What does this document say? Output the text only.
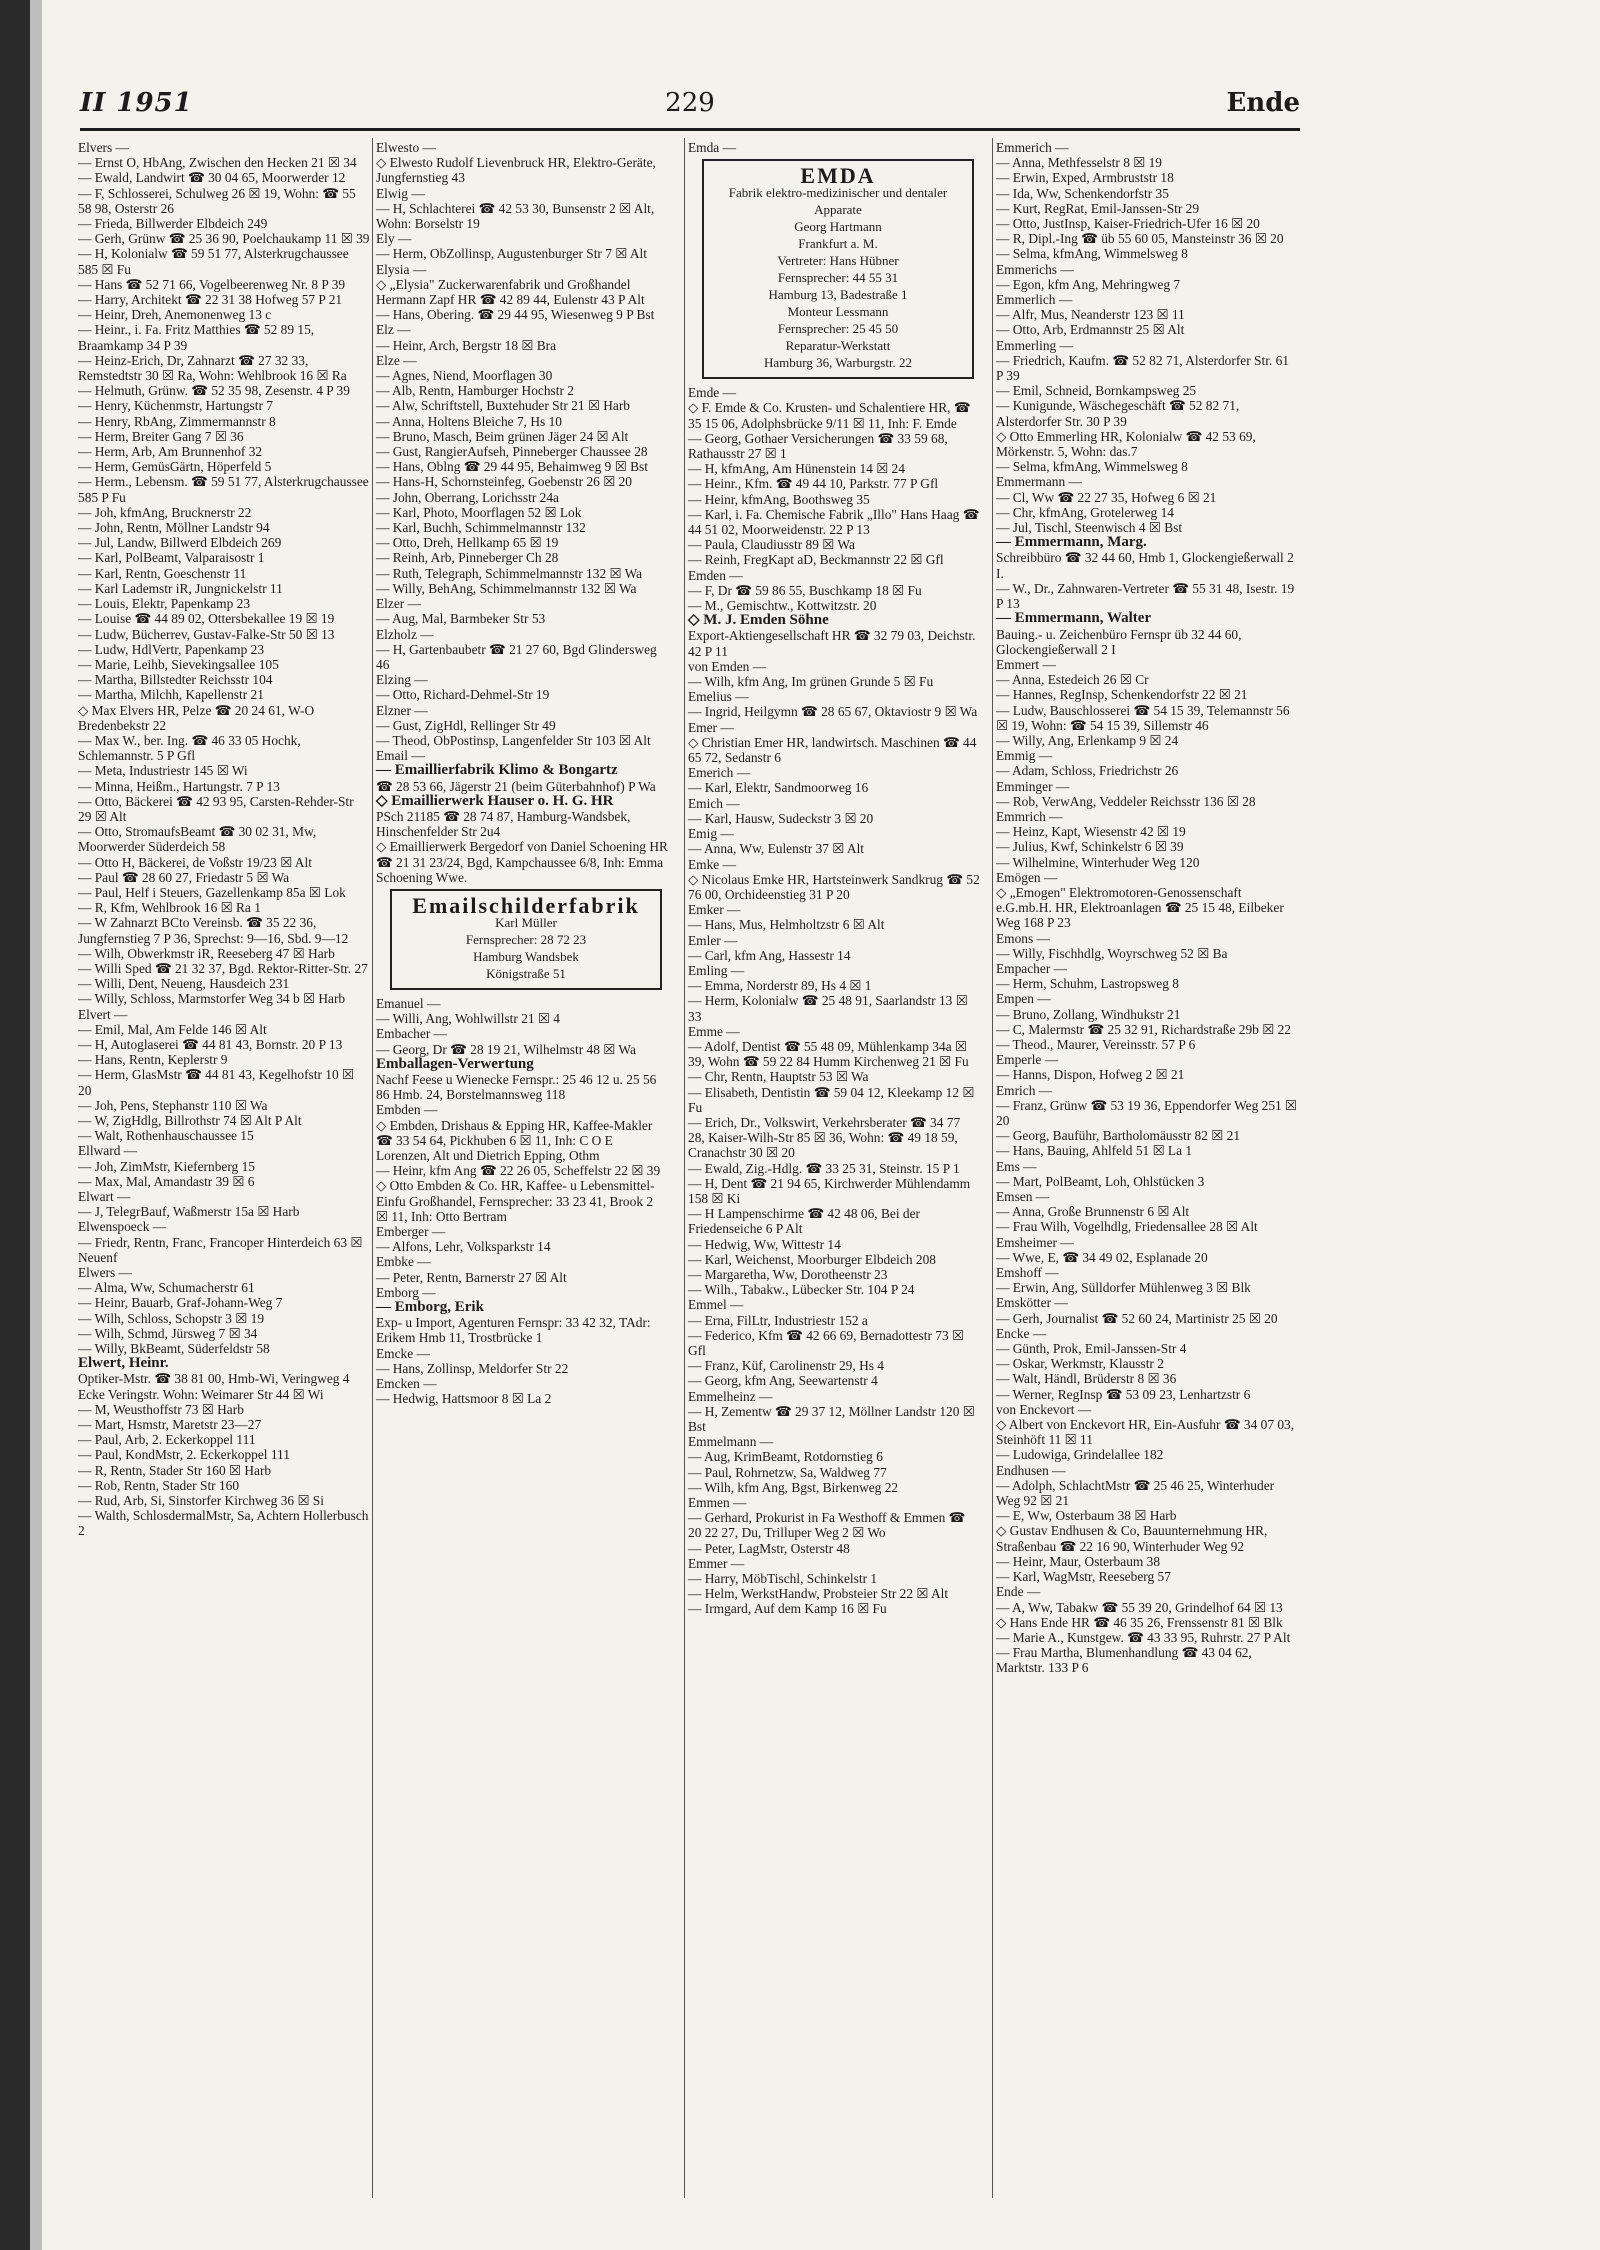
II 1951	229	Ende

Elvers —

— Ernst O, HbAng, Zwischen den Hecken 21 ☒ 34

— Ewald, Landwirt ☎ 30 04 65, Moorwerder 12

— F, Schlosserei, Schulweg 26 ☒ 19, Wohn: ☎ 55 58 98, Osterstr 26

— Frieda, Billwerder Elbdeich 249

— Gerh, Grünw ☎ 25 36 90, Poelchaukamp 11 ☒ 39

— H, Kolonialw ☎ 59 51 77, Alsterkrugchaussee 585 ☒ Fu

— Hans ☎ 52 71 66, Vogelbeerenweg Nr. 8 P 39

— Harry, Architekt ☎ 22 31 38 Hofweg 57 P 21

— Heinr, Dreh, Anemonenweg 13 c

— Heinr., i. Fa. Fritz Matthies ☎ 52 89 15, Braamkamp 34 P 39

— Heinz-Erich, Dr, Zahnarzt ☎ 27 32 33, Remstedtstr 30 ☒ Ra, Wohn: Wehlbrook 16 ☒ Ra

— Helmuth, Grünw. ☎ 52 35 98, Zesenstr. 4 P 39

— Henry, Küchenmstr, Hartungstr 7

— Henry, RbAng, Zimmermannstr 8

— Herm, Breiter Gang 7 ☒ 36

— Herm, Arb, Am Brunnenhof 32

— Herm, GemüsGärtn, Höperfeld 5

— Herm., Lebensm. ☎ 59 51 77, Alsterkrugchaussee 585 P Fu

— Joh, kfmAng, Brucknerstr 22

— John, Rentn, Möllner Landstr 94

— Jul, Landw, Billwerd Elbdeich 269

— Karl, PolBeamt, Valparaisostr 1

— Karl, Rentn, Goeschenstr 11

— Karl Lademstr iR, Jungnickelstr 11

— Louis, Elektr, Papenkamp 23

— Louise ☎ 44 89 02, Ottersbekallee 19 ☒ 19

— Ludw, Bücherrev, Gustav-Falke-Str 50 ☒ 13

— Ludw, HdlVertr, Papenkamp 23

— Marie, Leihb, Sievekingsallee 105

— Martha, Billstedter Reichsstr 104

— Martha, Milchh, Kapellenstr 21

◇ Max Elvers HR, Pelze ☎ 20 24 61, W-O Bredenbekstr 22

— Max W., ber. Ing. ☎ 46 33 05 Hochk, Schlemannstr. 5 P Gfl

— Meta, Industriestr 145 ☒ Wi

— Minna, Heißm., Hartungstr. 7 P 13

— Otto, Bäckerei ☎ 42 93 95, Carsten-Rehder-Str 29 ☒ Alt

— Otto, StromaufsBeamt ☎ 30 02 31, Mw, Moorwerder Süderdeich 58

— Otto H, Bäckerei, de Voßstr 19/23 ☒ Alt

— Paul ☎ 28 60 27, Friedastr 5 ☒ Wa

— Paul, Helf i Steuers, Gazellenkamp 85a ☒ Lok

— R, Kfm, Wehlbrook 16 ☒ Ra 1

— W Zahnarzt BCto Vereinsb. ☎ 35 22 36, Jungfernstieg 7 P 36, Sprechst: 9—16, Sbd. 9—12

— Wilh, Obwerkmstr iR, Reeseberg 47 ☒ Harb

— Willi Sped ☎ 21 32 37, Bgd. Rektor-Ritter-Str. 27

— Willi, Dent, Neueng, Hausdeich 231

— Willy, Schloss, Marmstorfer Weg 34 b ☒ Harb

Elvert —

— Emil, Mal, Am Felde 146 ☒ Alt

— H, Autoglaserei ☎ 44 81 43, Bornstr. 20 P 13

— Hans, Rentn, Keplerstr 9

— Herm, GlasMstr ☎ 44 81 43, Kegelhofstr 10 ☒ 20

— Joh, Pens, Stephanstr 110 ☒ Wa

— W, ZigHdlg, Billrothstr 74 ☒ Alt P Alt

— Walt, Rothenhauschaussee 15

Ellward —

— Joh, ZimMstr, Kiefernberg 15

— Max, Mal, Amandastr 39 ☒ 6

Elwart —

— J, TelegrBauf, Waßmerstr 15a ☒ Harb

Elwenspoeck —

— Friedr, Rentn, Franc, Francoper Hinterdeich 63 ☒ Neuenf

Elwers —

— Alma, Ww, Schumacherstr 61

— Heinr, Bauarb, Graf-Johann-Weg 7

— Wilh, Schloss, Schopstr 3 ☒ 19

— Wilh, Schmd, Jürsweg 7 ☒ 34

— Willy, BkBeamt, Süderfeldstr 58

Elwert, Heinr.

Optiker-Mstr. ☎ 38 81 00, Hmb-Wi, Veringweg 4 Ecke Veringstr. Wohn: Weimarer Str 44 ☒ Wi

— M, Weusthoffstr 73 ☒ Harb

— Mart, Hsmstr, Maretstr 23—27

— Paul, Arb, 2. Eckerkoppel 111

— Paul, KondMstr, 2. Eckerkoppel 111

— R, Rentn, Stader Str 160 ☒ Harb

— Rob, Rentn, Stader Str 160

— Rud, Arb, Si, Sinstorfer Kirchweg 36 ☒ Si

— Walth, SchlosdermalMstr, Sa, Achtern Hollerbusch 2

Elwesto —

◇ Elwesto Rudolf Lievenbruck HR, Elektro-Geräte, Jungfernstieg 43

Elwig —

— H, Schlachterei ☎ 42 53 30, Bunsenstr 2 ☒ Alt, Wohn: Borselstr 19

Ely —

— Herm, ObZollinsp, Augustenburger Str 7 ☒ Alt

Elysia —

◇ „Elysia" Zuckerwarenfabrik und Großhandel Hermann Zapf HR ☎ 42 89 44, Eulenstr 43 P Alt

— Hans, Obering. ☎ 29 44 95, Wiesenweg 9 P Bst

Elz —

— Heinr, Arch, Bergstr 18 ☒ Bra

Elze —

— Agnes, Niend, Moorflagen 30

— Alb, Rentn, Hamburger Hochstr 2

— Alw, Schriftstell, Buxtehuder Str 21 ☒ Harb

— Anna, Holtens Bleiche 7, Hs 10

— Bruno, Masch, Beim grünen Jäger 24 ☒ Alt

— Gust, RangierAufseh, Pinneberger Chaussee 28

— Hans, Oblng ☎ 29 44 95, Behaimweg 9 ☒ Bst

— Hans-H, Schornsteinfeg, Goebenstr 26 ☒ 20

— John, Oberrang, Lorichsstr 24a

— Karl, Photo, Moorflagen 52 ☒ Lok

— Karl, Buchh, Schimmelmannstr 132

— Otto, Dreh, Hellkamp 65 ☒ 19

— Reinh, Arb, Pinneberger Ch 28

— Ruth, Telegraph, Schimmelmannstr 132 ☒ Wa

— Willy, BehAng, Schimmelmannstr 132 ☒ Wa

Elzer —

— Aug, Mal, Barmbeker Str 53

Elzholz —

— H, Gartenbaubetr ☎ 21 27 60, Bgd Glindersweg 46

Elzing —

— Otto, Richard-Dehmel-Str 19

Elzner —

— Gust, ZigHdl, Rellinger Str 49

— Theod, ObPostinsp, Langenfelder Str 103 ☒ Alt

Email —

— Emaillierfabrik Klimo & Bongartz

☎ 28 53 66, Jägerstr 21 (beim Güterbahnhof) P Wa

◇ Emaillierwerk Hauser o. H. G. HR

PSch 21185 ☎ 28 74 87, Hamburg-Wandsbek, Hinschenfelder Str 2u4

◇ Emaillierwerk Bergedorf von Daniel Schoening HR ☎ 21 31 23/24, Bgd, Kampchaussee 6/8, Inh: Emma Schoening Wwe.

Emailschilderfabrik
Karl Müller
Fernsprecher: 28 72 23
Hamburg Wandsbek
Königstraße 51

Emanuel —

— Willi, Ang, Wohlwillstr 21 ☒ 4

Embacher —

— Georg, Dr ☎ 28 19 21, Wilhelmstr 48 ☒ Wa

Emballagen-Verwertung

Nachf Feese u Wienecke Fernspr.: 25 46 12 u. 25 56 86 Hmb. 24, Borstelmannsweg 118

Embden —

◇ Embden, Drishaus & Epping HR, Kaffee-Makler ☎ 33 54 64, Pickhuben 6 ☒ 11, Inh: C O E Lorenzen, Alt und Dietrich Epping, Othm

— Heinr, kfm Ang ☎ 22 26 05, Scheffelstr 22 ☒ 39

◇ Otto Embden & Co. HR, Kaffee- u Lebensmittel-Einfu Großhandel, Fernsprecher: 33 23 41, Brook 2 ☒ 11, Inh: Otto Bertram

Emberger —

— Alfons, Lehr, Volksparkstr 14

Embke —

— Peter, Rentn, Barnerstr 27 ☒ Alt

Emborg —

— Emborg, Erik

Exp- u Import, Agenturen Fernspr: 33 42 32, TAdr: Erikem Hmb 11, Trostbrücke 1

Emcke —

— Hans, Zollinsp, Meldorfer Str 22

Emcken —

— Hedwig, Hattsmoor 8 ☒ La 2

Emda —

EMDA
Fabrik elektro-medizinischer und dentaler Apparate
Georg Hartmann
Frankfurt a. M.
Vertreter: Hans Hübner
Fernsprecher: 44 55 31
Hamburg 13, Badestraße 1
Monteur Lessmann
Fernsprecher: 25 45 50
Reparatur-Werkstatt
Hamburg 36, Warburgstr. 22

Emde —

◇ F. Emde & Co. Krusten- und Schalentiere HR, ☎ 35 15 06, Adolphsbrücke 9/11 ☒ 11, Inh: F. Emde

— Georg, Gothaer Versicherungen ☎ 33 59 68, Rathausstr 27 ☒ 1

— H, kfmAng, Am Hünenstein 14 ☒ 24

— Heinr., Kfm. ☎ 49 44 10, Parkstr. 77 P Gfl

— Heinr, kfmAng, Boothsweg 35

— Karl, i. Fa. Chemische Fabrik „Illo" Hans Haag ☎ 44 51 02, Moorweidenstr. 22 P 13

— Paula, Claudiusstr 89 ☒ Wa

— Reinh, FregKapt aD, Beckmannstr 22 ☒ Gfl

Emden —

— F, Dr ☎ 59 86 55, Buschkamp 18 ☒ Fu

— M., Gemischtw., Kottwitzstr. 20

◇ M. J. Emden Söhne

Export-Aktiengesellschaft HR ☎ 32 79 03, Deichstr. 42 P 11

von Emden —

— Wilh, kfm Ang, Im grünen Grunde 5 ☒ Fu

Emelius —

— Ingrid, Heilgymn ☎ 28 65 67, Oktaviostr 9 ☒ Wa

Emer —

◇ Christian Emer HR, landwirtsch. Maschinen ☎ 44 65 72, Sedanstr 6

Emerich —

— Karl, Elektr, Sandmoorweg 16

Emich —

— Karl, Hausw, Sudeckstr 3 ☒ 20

Emig —

— Anna, Ww, Eulenstr 37 ☒ Alt

Emke —

◇ Nicolaus Emke HR, Hartsteinwerk Sandkrug ☎ 52 76 00, Orchideenstieg 31 P 20

Emker —

— Hans, Mus, Helmholtzstr 6 ☒ Alt

Emler —

— Carl, kfm Ang, Hassestr 14

Emling —

— Emma, Norderstr 89, Hs 4 ☒ 1

— Herm, Kolonialw ☎ 25 48 91, Saarlandstr 13 ☒ 33

Emme —

— Adolf, Dentist ☎ 55 48 09, Mühlenkamp 34a ☒ 39, Wohn ☎ 59 22 84 Humm Kirchenweg 21 ☒ Fu

— Chr, Rentn, Hauptstr 53 ☒ Wa

— Elisabeth, Dentistin ☎ 59 04 12, Kleekamp 12 ☒ Fu

— Erich, Dr., Volkswirt, Verkehrsberater ☎ 34 77 28, Kaiser-Wilh-Str 85 ☒ 36, Wohn: ☎ 49 18 59, Cranachstr 30 ☒ 20

— Ewald, Zig.-Hdlg. ☎ 33 25 31, Steinstr. 15 P 1

— H, Dent ☎ 21 94 65, Kirchwerder Mühlendamm 158 ☒ Ki

— H Lampenschirme ☎ 42 48 06, Bei der Friedenseiche 6 P Alt

— Hedwig, Ww, Wittestr 14

— Karl, Weichenst, Moorburger Elbdeich 208

— Margaretha, Ww, Dorotheenstr 23

— Wilh., Tabakw., Lübecker Str. 104 P 24

Emmel —

— Erna, FilLtr, Industriestr 152 a

— Federico, Kfm ☎ 42 66 69, Bernadottestr 73 ☒ Gfl

— Franz, Küf, Carolinenstr 29, Hs 4

— Georg, kfm Ang, Seewartenstr 4

Emmelheinz —

— H, Zementw ☎ 29 37 12, Möllner Landstr 120 ☒ Bst

Emmelmann —

— Aug, KrimBeamt, Rotdornstieg 6

— Paul, Rohrnetzw, Sa, Waldweg 77

— Wilh, kfm Ang, Bgst, Birkenweg 22

Emmen —

— Gerhard, Prokurist in Fa Westhoff & Emmen ☎ 20 22 27, Du, Trilluper Weg 2 ☒ Wo

— Peter, LagMstr, Osterstr 48

Emmer —

— Harry, MöbTischl, Schinkelstr 1

— Helm, WerkstHandw, Probsteier Str 22 ☒ Alt

— Irmgard, Auf dem Kamp 16 ☒ Fu

Emmerich —

— Anna, Methfesselstr 8 ☒ 19

— Erwin, Exped, Armbruststr 18

— Ida, Ww, Schenkendorfstr 35

— Kurt, RegRat, Emil-Janssen-Str 29

— Otto, JustInsp, Kaiser-Friedrich-Ufer 16 ☒ 20

— R, Dipl.-Ing ☎ üb 55 60 05, Mansteinstr 36 ☒ 20

— Selma, kfmAng, Wimmelsweg 8

Emmerichs —

— Egon, kfm Ang, Mehringweg 7

Emmerlich —

— Alfr, Mus, Neanderstr 123 ☒ 11

— Otto, Arb, Erdmannstr 25 ☒ Alt

Emmerling —

— Friedrich, Kaufm. ☎ 52 82 71, Alsterdorfer Str. 61 P 39

— Emil, Schneid, Bornkampsweg 25

— Kunigunde, Wäschegeschäft ☎ 52 82 71, Alsterdorfer Str. 30 P 39

◇ Otto Emmerling HR, Kolonialw ☎ 42 53 69, Mörkenstr. 5, Wohn: das.7

— Selma, kfmAng, Wimmelsweg 8

Emmermann —

— Cl, Ww ☎ 22 27 35, Hofweg 6 ☒ 21

— Chr, kfmAng, Grotelerweg 14

— Jul, Tischl, Steenwisch 4 ☒ Bst

— Emmermann, Marg.

Schreibbüro ☎ 32 44 60, Hmb 1, Glockengießerwall 2 I.

— W., Dr., Zahnwaren-Vertreter ☎ 55 31 48, Isestr. 19 P 13

— Emmermann, Walter

Bauing.- u. Zeichenbüro Fernspr üb 32 44 60, Glockengießerwall 2 I

Emmert —

— Anna, Estedeich 26 ☒ Cr

— Hannes, RegInsp, Schenkendorfstr 22 ☒ 21

— Ludw, Bauschlosserei ☎ 54 15 39, Telemannstr 56 ☒ 19, Wohn: ☎ 54 15 39, Sillemstr 46

— Willy, Ang, Erlenkamp 9 ☒ 24

Emmig —

— Adam, Schloss, Friedrichstr 26

Emminger —

— Rob, VerwAng, Veddeler Reichsstr 136 ☒ 28

Emmrich —

— Heinz, Kapt, Wiesenstr 42 ☒ 19

— Julius, Kwf, Schinkelstr 6 ☒ 39

— Wilhelmine, Winterhuder Weg 120

Emögen —

◇ „Emogen" Elektromotoren-Genossenschaft e.G.mb.H. HR, Elektroanlagen ☎ 25 15 48, Eilbeker Weg 168 P 23

Emons —

— Willy, Fischhdlg, Woyrschweg 52 ☒ Ba

Empacher —

— Herm, Schuhm, Lastropsweg 8

Empen —

— Bruno, Zollang, Windhukstr 21

— C, Malermstr ☎ 25 32 91, Richardstraße 29b ☒ 22

— Theod., Maurer, Vereinsstr. 57 P 6

Emperle —

— Hanns, Dispon, Hofweg 2 ☒ 21

Emrich —

— Franz, Grünw ☎ 53 19 36, Eppendorfer Weg 251 ☒ 20

— Georg, Bauführ, Bartholomäusstr 82 ☒ 21

— Hans, Bauing, Ahlfeld 51 ☒ La 1

Ems —

— Mart, PolBeamt, Loh, Ohlstücken 3

Emsen —

— Anna, Große Brunnenstr 6 ☒ Alt

— Frau Wilh, Vogelhdlg, Friedensallee 28 ☒ Alt

Emsheimer —

— Wwe, E, ☎ 34 49 02, Esplanade 20

Emshoff —

— Erwin, Ang, Sülldorfer Mühlenweg 3 ☒ Blk

Emskötter —

— Gerh, Journalist ☎ 52 60 24, Martinistr 25 ☒ 20

Encke —

— Günth, Prok, Emil-Janssen-Str 4

— Oskar, Werkmstr, Klausstr 2

— Walt, Händl, Brüderstr 8 ☒ 36

— Werner, RegInsp ☎ 53 09 23, Lenhartzstr 6

von Enckevort —

◇ Albert von Enckevort HR, Ein-Ausfuhr ☎ 34 07 03, Steinhöft 11 ☒ 11

— Ludowiga, Grindelallee 182

Endhusen —

— Adolph, SchlachtMstr ☎ 25 46 25, Winterhuder Weg 92 ☒ 21

— E, Ww, Osterbaum 38 ☒ Harb

◇ Gustav Endhusen & Co, Bauunternehmung HR, Straßenbau ☎ 22 16 90, Winterhuder Weg 92

— Heinr, Maur, Osterbaum 38

— Karl, WagMstr, Reeseberg 57

Ende —

— A, Ww, Tabakw ☎ 55 39 20, Grindelhof 64 ☒ 13

◇ Hans Ende HR ☎ 46 35 26, Frenssenstr 81 ☒ Blk

— Marie A., Kunstgew. ☎ 43 33 95, Ruhrstr. 27 P Alt

— Frau Martha, Blumenhandlung ☎ 43 04 62, Marktstr. 133 P 6
